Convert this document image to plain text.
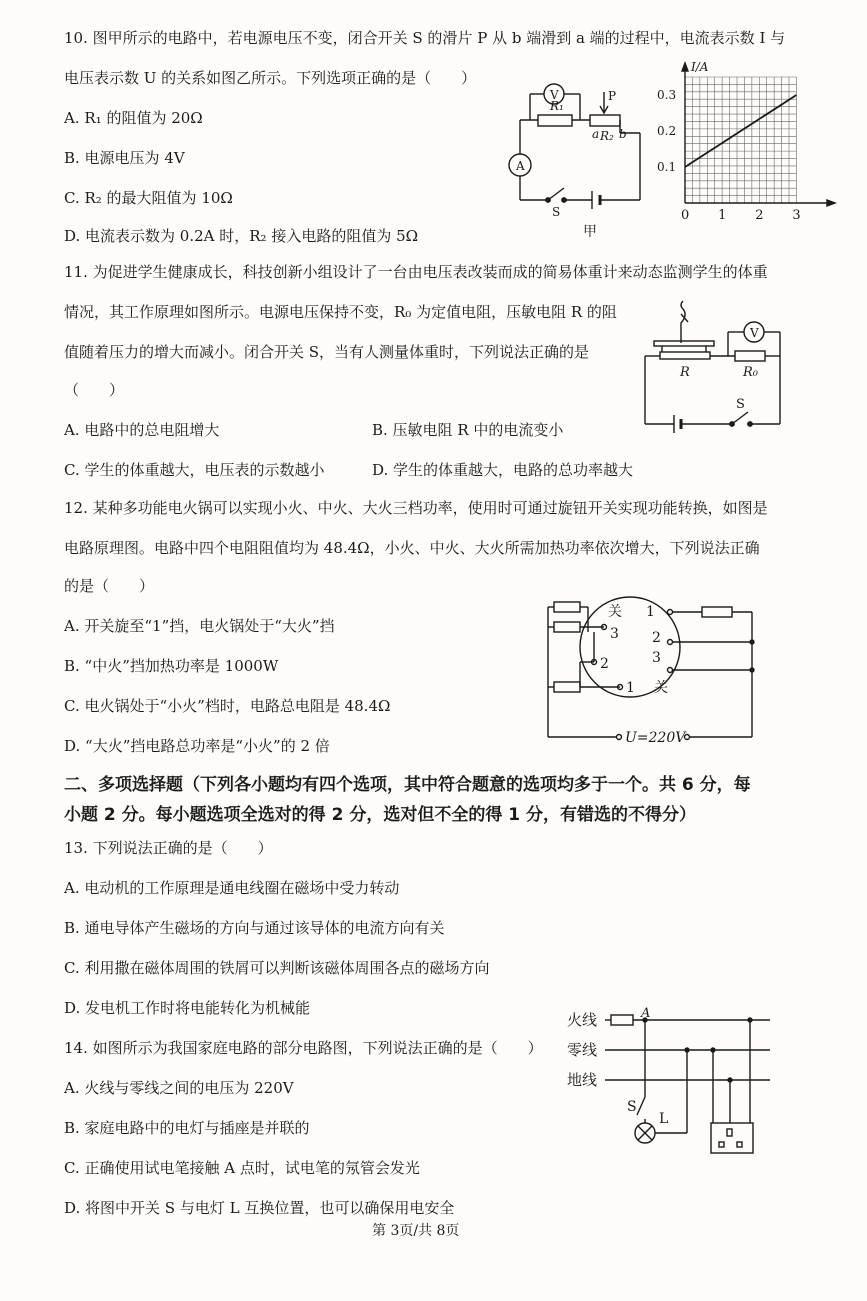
10. 图甲所示的电路中，若电源电压不变，闭合开关 S 的滑片 P 从 b 端滑到 a 端的过程中，电流表示数 I 与
电压表示数 U 的关系如图乙所示。下列选项正确的是（　　）
A. R₁ 的阻值为 20Ω
B. 电源电压为 4V
C. R₂ 的最大阻值为 10Ω
D. 电流表示数为 0.2A 时，R₂ 接入电路的阻值为 5Ω
V
A
P
R₁
a R₂ b
S
甲
I/A
0 1 2 3
0.1
0.2
0.3
11. 为促进学生健康成长，科技创新小组设计了一台由电压表改装而成的简易体重计来动态监测学生的体重
情况，其工作原理如图所示。电源电压保持不变，R₀ 为定值电阻，压敏电阻 R 的阻
值随着压力的增大而减小。闭合开关 S，当有人测量体重时，下列说法正确的是
（　　）
A. 电路中的总电阻增大	B. 压敏电阻 R 中的电流变小
C. 学生的体重越大，电压表的示数越小	D. 学生的体重越大，电路的总功率越大
V
R	R₀
S
12. 某种多功能电火锅可以实现小火、中火、大火三档功率，使用时可通过旋钮开关实现功能转换，如图是
电路原理图。电路中四个电阻阻值均为 48.4Ω，小火、中火、大火所需加热功率依次增大，下列说法正确
的是（　　）
A. 开关旋至“1”挡，电火锅处于“大火”挡
B. “中火”挡加热功率是 1000W
C. 电火锅处于“小火”档时，电路总电阻是 48.4Ω
D. “大火”挡电路总功率是“小火”的 2 倍
关 1
2
3
关
3
2
1
U=220V
二、多项选择题（下列各小题均有四个选项，其中符合题意的选项均多于一个。共 6 分，每
小题 2 分。每小题选项全选对的得 2 分，选对但不全的得 1 分，有错选的不得分）
13. 下列说法正确的是（　　）
A. 电动机的工作原理是通电线圈在磁场中受力转动
B. 通电导体产生磁场的方向与通过该导体的电流方向有关
C. 利用撒在磁体周围的铁屑可以判断该磁体周围各点的磁场方向
D. 发电机工作时将电能转化为机械能
14. 如图所示为我国家庭电路的部分电路图，下列说法正确的是（　　）
A. 火线与零线之间的电压为 220V
B. 家庭电路中的电灯与插座是并联的
C. 正确使用试电笔接触 A 点时，试电笔的氖管会发光
D. 将图中开关 S 与电灯 L 互换位置，也可以确保用电安全
火线
零线
地线
A
S
L
第 3页/共 8页
